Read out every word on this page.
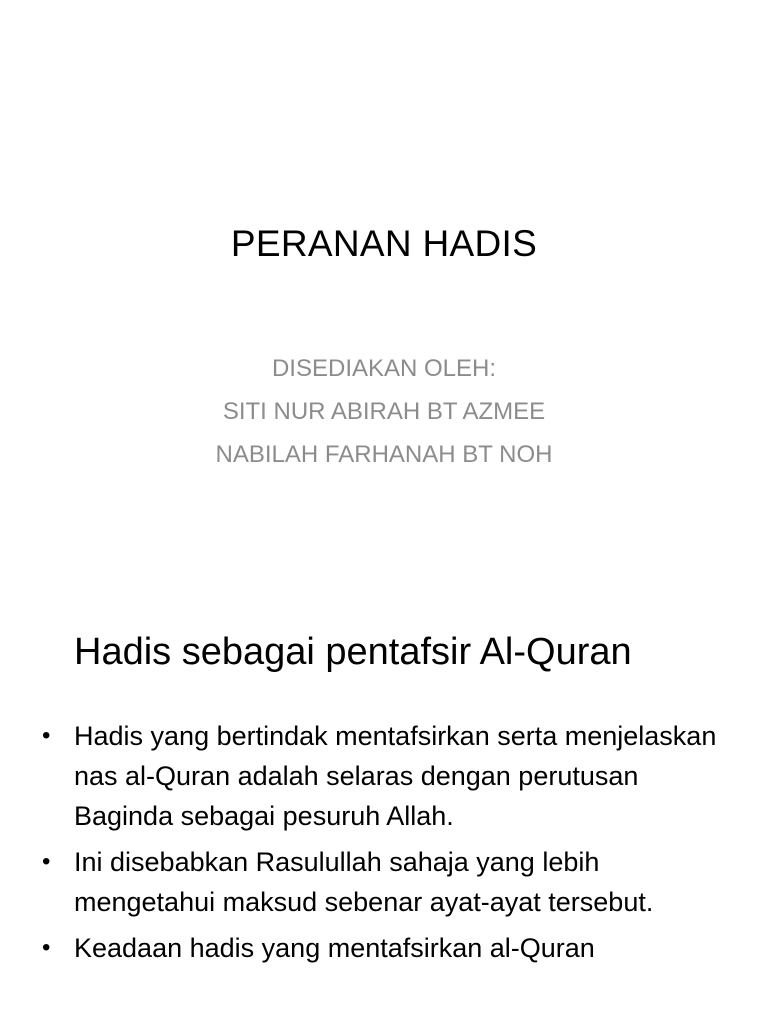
PERANAN HADIS
DISEDIAKAN OLEH:
SITI NUR ABIRAH BT AZMEE
NABILAH FARHANAH BT NOH
Hadis sebagai pentafsir Al-Quran
• Hadis yang bertindak mentafsirkan serta menjelaskan nas al-Quran adalah selaras dengan perutusan Baginda sebagai pesuruh Allah.
• Ini disebabkan Rasulullah sahaja yang lebih mengetahui maksud sebenar ayat-ayat tersebut.
• Keadaan hadis yang mentafsirkan al-Quran
